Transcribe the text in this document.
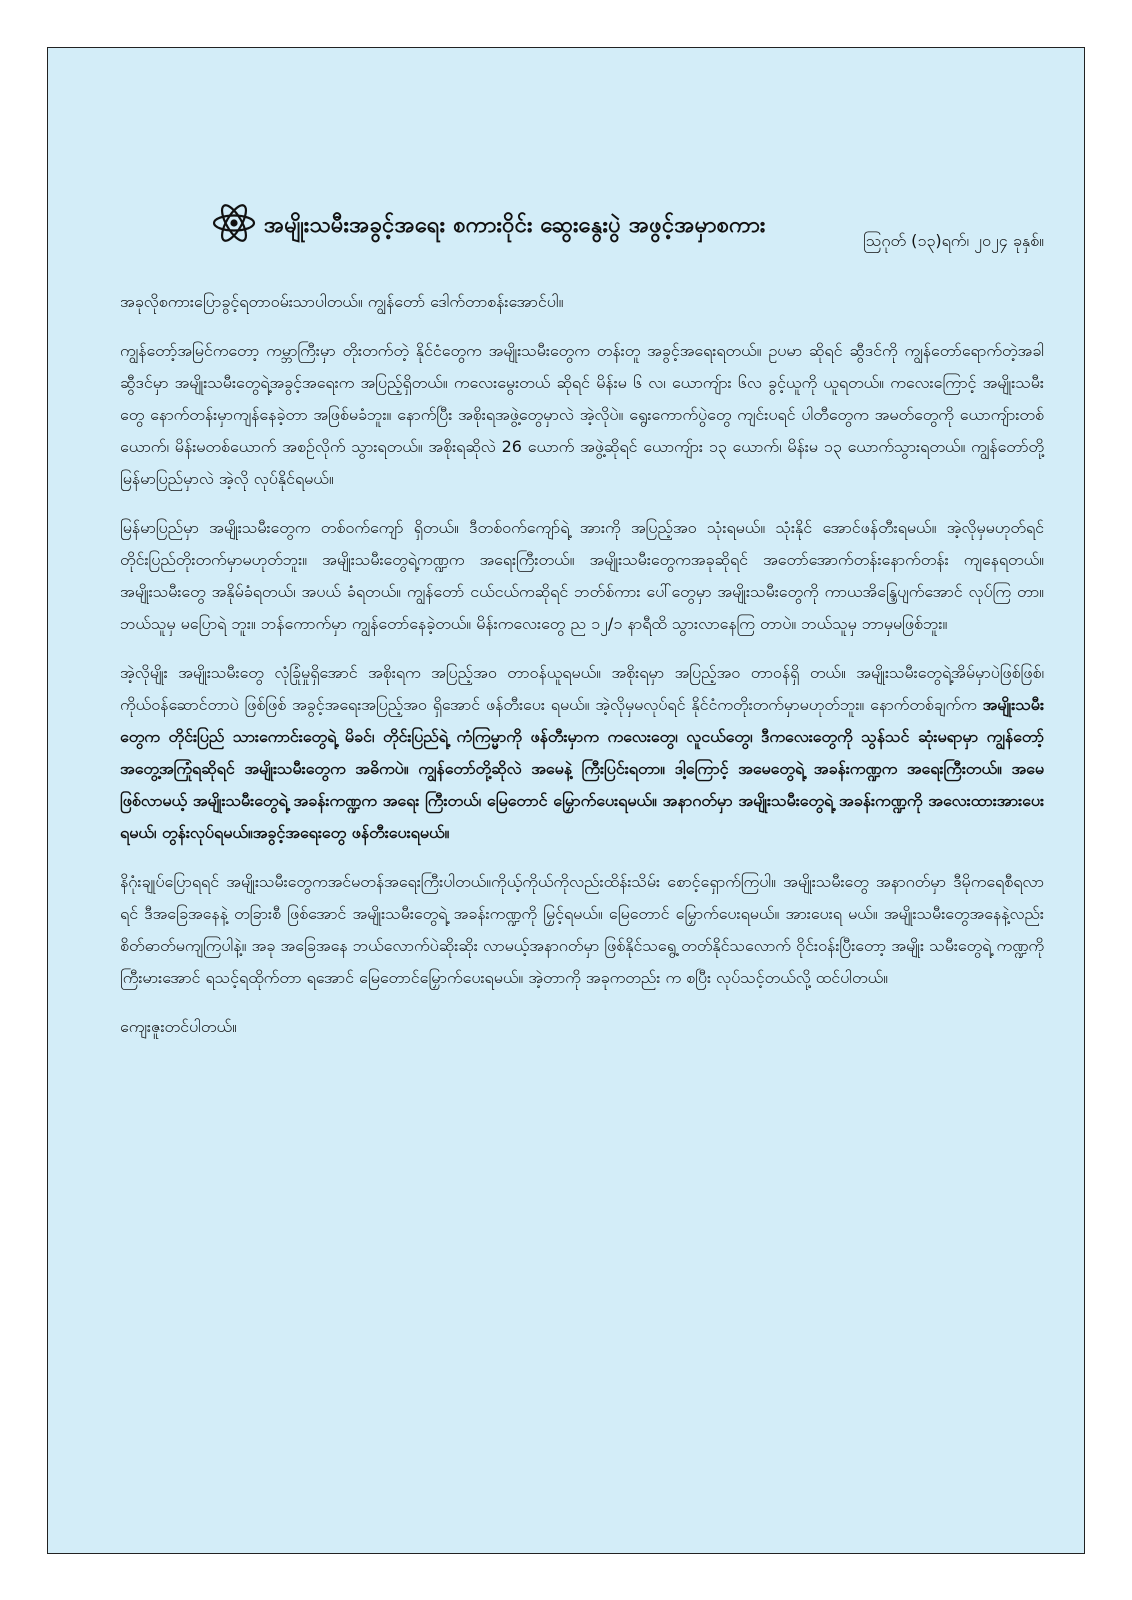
အမျိုးသမီးအခွင့်အရေး စကားဝိုင်း ဆွေးနွေးပွဲ အဖွင့်အမှာစကား
ဩဂုတ် (၁၃)ရက်၊ ၂၀၂၄ ခုနှစ်။

အခုလိုစကားပြောခွင့်ရတာဝမ်းသာပါတယ်။ ကျွန်တော် ဒေါက်တာစန်းအောင်ပါ။

ကျွန်တော့်အမြင်ကတော့ ကမ္ဘာကြီးမှာ တိုးတက်တဲ့ နိုင်ငံတွေက အမျိုးသမီးတွေက တန်းတူ အခွင့်အရေးရတယ်။ ဥပမာ ဆိုရင် ဆွီဒင်ကို ကျွန်တော်ရောက်တဲ့အခါ ဆွီဒင်မှာ အမျိုးသမီးတွေရဲ့အခွင့်အရေးက အပြည့်ရှိတယ်။ ကလေးမွေးတယ် ဆိုရင် မိန်းမ ၆ လ၊ ယောကျ်ား ၆လ ခွင့်ယူကို ယူရတယ်။ ကလေးကြောင့် အမျိုးသမီးတွေ နောက်တန်းမှာကျန်နေခဲ့တာ အဖြစ်မခံဘူး။ နောက်ပြီး အစိုးရအဖွဲ့တွေမှာလဲ အဲ့လိုပဲ။ ရွေးကောက်ပွဲတွေ ကျင်းပရင် ပါတီတွေက အမတ်တွေကို ယောကျ်ားတစ်ယောက်၊ မိန်းမတစ်ယောက် အစဉ်လိုက် သွားရတယ်။ အစိုးရဆိုလဲ 26 ယောက် အဖွဲ့ဆိုရင် ယောကျ်ား ၁၃ ယောက်၊ မိန်းမ ၁၃ ယောက်သွားရတယ်။ ကျွန်တော်တို့ မြန်မာပြည်မှာလဲ အဲ့လို လုပ်နိုင်ရမယ်။

မြန်မာပြည်မှာ အမျိုးသမီးတွေက တစ်ဝက်ကျော် ရှိတယ်။ ဒီတစ်ဝက်ကျော်ရဲ့ အားကို အပြည့်အဝ သုံးရမယ်။ သုံးနိုင် အောင်ဖန်တီးရမယ်။ အဲ့လိုမှမဟုတ်ရင်တိုင်းပြည်တိုးတက်မှာမဟုတ်ဘူး။ အမျိုးသမီးတွေရဲ့ကဏ္ဍက အရေးကြီးတယ်။ အမျိုးသမီးတွေကအခုဆိုရင် အတော်အောက်တန်းနောက်တန်း ကျနေရတယ်။ အမျိုးသမီးတွေ အနိုမ်ခံရတယ်၊ အပယ် ခံရတယ်။ ကျွန်တော် ငယ်ငယ်ကဆိုရင် ဘတ်စ်ကား ပေါ်တွေမှာ အမျိုးသမီးတွေကို ကာယအိန္ဒြေပျက်အောင် လုပ်ကြ တာ။ ဘယ်သူမှ မပြောရဲ ဘူး။ ဘန်ကောက်မှာ ကျွန်တော်နေခဲ့တယ်။ မိန်းကလေးတွေ ည ၁၂/၁ နာရီထိ သွားလာနေကြ တာပဲ။ ဘယ်သူမှ ဘာမှမဖြစ်ဘူး။

အဲ့လိုမျိုး အမျိုးသမီးတွေ လုံခြုံမှုရှိအောင် အစိုးရက အပြည့်အဝ တာဝန်ယူရမယ်။ အစိုးရမှာ အပြည့်အဝ တာဝန်ရှိ တယ်။ အမျိုးသမီးတွေရဲ့အိမ်မှာပဲဖြစ်ဖြစ်၊ ကိုယ်ဝန်ဆောင်တာပဲ ဖြစ်ဖြစ် အခွင့်အရေးအပြည့်အဝ ရှိအောင် ဖန်တီးပေး ရမယ်။ အဲ့လိုမှမလုပ်ရင် နိုင်ငံကတိုးတက်မှာမဟုတ်ဘူး။ နောက်တစ်ချက်က အမျိုးသမီးတွေက တိုင်းပြည် သားကောင်းတွေရဲ့ မိခင်၊ တိုင်းပြည်ရဲ့ ကံကြမ္မာကို ဖန်တီးမှာက ကလေးတွေ၊ လူငယ်တွေ၊ ဒီကလေးတွေကို သွန်သင် ဆုံးမရာမှာ ကျွန်တော့် အတွေ့အကြုံရဆိုရင် အမျိုးသမီးတွေက အဓိကပဲ။ ကျွန်တော်တို့ဆိုလဲ အမေနဲ့ ကြီးပြင်းရတာ။ ဒါ့ကြောင့် အမေတွေရဲ့ အခန်းကဏ္ဍက အရေးကြီးတယ်။ အမေဖြစ်လာမယ့် အမျိုးသမီးတွေရဲ့ အခန်းကဏ္ဍက အရေး ကြီးတယ်၊ မြေတောင် မြှောက်ပေးရမယ်။ အနာဂတ်မှာ အမျိုးသမီးတွေရဲ့ အခန်းကဏ္ဍကို အလေးထားအားပေးရမယ်၊ တွန်းလုပ်ရမယ်။အခွင့်အရေးတွေ ဖန်တီးပေးရမယ်။

နိဂုံးချုပ်ပြောရရင် အမျိုးသမီးတွေကအင်မတန်အရေးကြီးပါတယ်။ကိုယ့်ကိုယ်ကိုလည်းထိန်းသိမ်း စောင့်ရှောက်ကြပါ။ အမျိုးသမီးတွေ အနာဂတ်မှာ ဒီမိုကရေစီရလာရင် ဒီအခြေအနေနဲ့ တခြားစီ ဖြစ်အောင် အမျိုးသမီးတွေရဲ့ အခန်းကဏ္ဍကို မြှင့်ရမယ်။ မြေတောင် မြှောက်ပေးရမယ်။ အားပေးရ မယ်။ အမျိုးသမီးတွေအနေနဲ့လည်း စိတ်ဓာတ်မကျကြပါနဲ့။ အခု အခြေအနေ ဘယ်လောက်ပဲဆိုးဆိုး လာမယ့်အနာဂတ်မှာ ဖြစ်နိုင်သရွေ့ တတ်နိုင်သလောက် ဝိုင်းဝန်းပြီးတော့ အမျိုး သမီးတွေရဲ့ ကဏ္ဍကို ကြီးမားအောင် ရသင့်ရထိုက်တာ ရအောင် မြေတောင်မြှောက်ပေးရမယ်။ အဲ့တာကို အခုကတည်း က စပြီး လုပ်သင့်တယ်လို့ ထင်ပါတယ်။

ကျေးဇူးတင်ပါတယ်။
